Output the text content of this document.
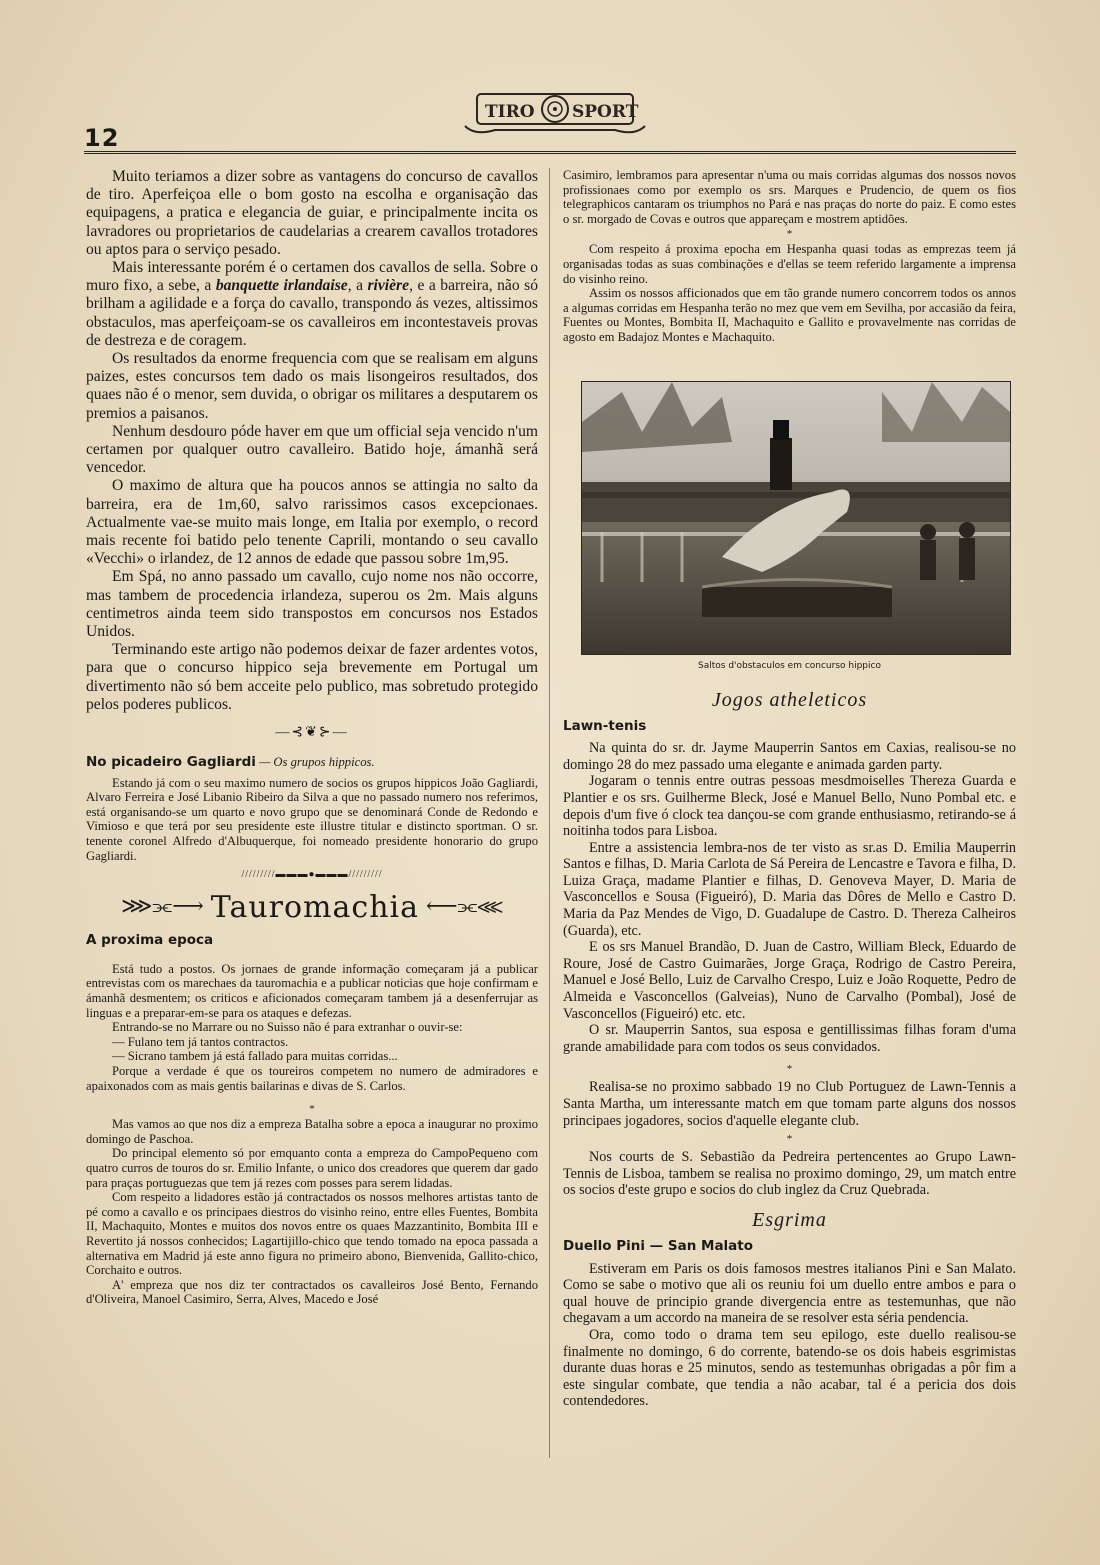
12
TIRO SPORT

Muito teriamos a dizer sobre as vantagens do concurso de cavallos de tiro. Aperfeiçoa elle o bom gosto na escolha e organisação das equipagens, a pratica e elegancia de guiar, e principalmente incita os lavradores ou proprietarios de caudelarias a crearem cavallos trotadores ou aptos para o serviço pesado.

Mais interessante porém é o certamen dos cavallos de sella. Sobre o muro fixo, a sebe, a banquette irlandaise, a rivière, e a barreira, não só brilham a agilidade e a força do cavallo, transpondo ás vezes, altissimos obstaculos, mas aperfeiçoam-se os cavalleiros em incontestaveis provas de destreza e de coragem.

Os resultados da enorme frequencia com que se realisam em alguns paizes, estes concursos tem dado os mais lisongeiros resultados, dos quaes não é o menor, sem duvida, o obrigar os militares a desputarem os premios a paisanos.

Nenhum desdouro póde haver em que um official seja vencido n'um certamen por qualquer outro cavalleiro. Batido hoje, ámanhã será vencedor.

O maximo de altura que ha poucos annos se attingia no salto da barreira, era de 1m,60, salvo rarissimos casos excepcionaes. Actualmente vae-se muito mais longe, em Italia por exemplo, o record mais recente foi batido pelo tenente Caprili, montando o seu cavallo «Vecchi» o irlandez, de 12 annos de edade que passou sobre 1m,95.

Em Spá, no anno passado um cavallo, cujo nome nos não occorre, mas tambem de procedencia irlandeza, superou os 2m. Mais alguns centimetros ainda teem sido transpostos em concursos nos Estados Unidos.

Terminando este artigo não podemos deixar de fazer ardentes votos, para que o concurso hippico seja brevemente em Portugal um divertimento não só bem acceite pelo publico, mas sobretudo protegido pelos poderes publicos.

—⊰❦⊱—
No picadeiro Gagliardi — Os grupos hippicos.

Estando já com o seu maximo numero de socios os grupos hippicos João Gagliardi, Alvaro Ferreira e José Libanio Ribeiro da Silva a que no passado numero nos referimos, está organisando-se um quarto e novo grupo que se denominará Conde de Redondo e Vimioso e que terá por seu presidente este illustre titular e distincto sportman. O sr. tenente coronel Alfredo d'Albuquerque, foi nomeado presidente honorario do grupo Gagliardi.

/////////▬▬▬●▬▬▬/////////
⋙⫘⟶ Tauromachia ⟵⫘⋘
A proxima epoca

Está tudo a postos. Os jornaes de grande informação começaram já a publicar entrevistas com os marechaes da tauromachia e a publicar noticias que hoje confirmam e ámanhã desmentem; os criticos e aficionados começaram tambem já a desenferrujar as linguas e a preparar-em-se para os ataques e defezas.

Entrando-se no Marrare ou no Suisso não é para extranhar o ouvir-se:

— Fulano tem já tantos contractos.

— Sicrano tambem já está fallado para muitas corridas...

Porque a verdade é que os toureiros competem no numero de admiradores e apaixonados com as mais gentis bailarinas e divas de S. Carlos.

*

Mas vamos ao que nos diz a empreza Batalha sobre a epoca a inaugurar no proximo domingo de Paschoa.

Do principal elemento só por emquanto conta a empreza do CampoPequeno com quatro curros de touros do sr. Emilio Infante, o unico dos creadores que querem dar gado para praças portuguezas que tem já rezes com posses para serem lidadas.

Com respeito a lidadores estão já contractados os nossos melhores artistas tanto de pé como a cavallo e os principaes diestros do visinho reino, entre elles Fuentes, Bombita II, Machaquito, Montes e muitos dos novos entre os quaes Mazzantinito, Bombita III e Revertito já nossos conhecidos; Lagartijillo-chico que tendo tomado na epoca passada a alternativa em Madrid já este anno figura no primeiro abono, Bienvenida, Gallito-chico, Corchaito e outros.

A' empreza que nos diz ter contractados os cavalleiros José Bento, Fernando d'Oliveira, Manoel Casimiro, Serra, Alves, Macedo e José

Casimiro, lembramos para apresentar n'uma ou mais corridas algumas dos nossos novos profissionaes como por exemplo os srs. Marques e Prudencio, de quem os fios telegraphicos cantaram os triumphos no Pará e nas praças do norte do paiz. E como estes o sr. morgado de Covas e outros que appareçam e mostrem aptidões.

*

Com respeito á proxima epocha em Hespanha quasi todas as emprezas teem já organisadas todas as suas combinações e d'ellas se teem referido largamente a imprensa do visinho reino.

Assim os nossos afficionados que em tão grande numero concorrem todos os annos a algumas corridas em Hespanha terão no mez que vem em Sevilha, por accasião da feira, Fuentes ou Montes, Bombita II, Machaquito e Gallito e provavelmente nas corridas de agosto em Badajoz Montes e Machaquito.

Saltos d'obstaculos em concurso hippico
Jogos atheleticos
Lawn-tenis

Na quinta do sr. dr. Jayme Mauperrin Santos em Caxias, realisou-se no domingo 28 do mez passado uma elegante e animada garden party.

Jogaram o tennis entre outras pessoas mesdmoiselles Thereza Guarda e Plantier e os srs. Guilherme Bleck, José e Manuel Bello, Nuno Pombal etc. e depois d'um five ó clock tea dançou-se com grande enthusiasmo, retirando-se á noitinha todos para Lisboa.

Entre a assistencia lembra-nos de ter visto as sr.as D. Emilia Mauperrin Santos e filhas, D. Maria Carlota de Sá Pereira de Lencastre e Tavora e filha, D. Luiza Graça, madame Plantier e filhas, D. Genoveva Mayer, D. Maria de Vasconcellos e Sousa (Figueiró), D. Maria das Dôres de Mello e Castro D. Maria da Paz Mendes de Vigo, D. Guadalupe de Castro. D. Thereza Calheiros (Guarda), etc.

E os srs Manuel Brandão, D. Juan de Castro, William Bleck, Eduardo de Roure, José de Castro Guimarães, Jorge Graça, Rodrigo de Castro Pereira, Manuel e José Bello, Luiz de Carvalho Crespo, Luiz e João Roquette, Pedro de Almeida e Vasconcellos (Galveias), Nuno de Carvalho (Pombal), José de Vasconcellos (Figueiró) etc. etc.

O sr. Mauperrin Santos, sua esposa e gentillissimas filhas foram d'uma grande amabilidade para com todos os seus convidados.

*

Realisa-se no proximo sabbado 19 no Club Portuguez de Lawn-Tennis a Santa Martha, um interessante match em que tomam parte alguns dos nossos principaes jogadores, socios d'aquelle elegante club.

*

Nos courts de S. Sebastião da Pedreira pertencentes ao Grupo Lawn-Tennis de Lisboa, tambem se realisa no proximo domingo, 29, um match entre os socios d'este grupo e socios do club inglez da Cruz Quebrada.

Esgrima
Duello Pini — San Malato

Estiveram em Paris os dois famosos mestres italianos Pini e San Malato. Como se sabe o motivo que ali os reuniu foi um duello entre ambos e para o qual houve de principio grande divergencia entre as testemunhas, que não chegavam a um accordo na maneira de se resolver esta séria pendencia.

Ora, como todo o drama tem seu epilogo, este duello realisou-se finalmente no domingo, 6 do corrente, batendo-se os dois habeis esgrimistas durante duas horas e 25 minutos, sendo as testemunhas obrigadas a pôr fim a este singular combate, que tendia a não acabar, tal é a pericia dos dois contendedores.
